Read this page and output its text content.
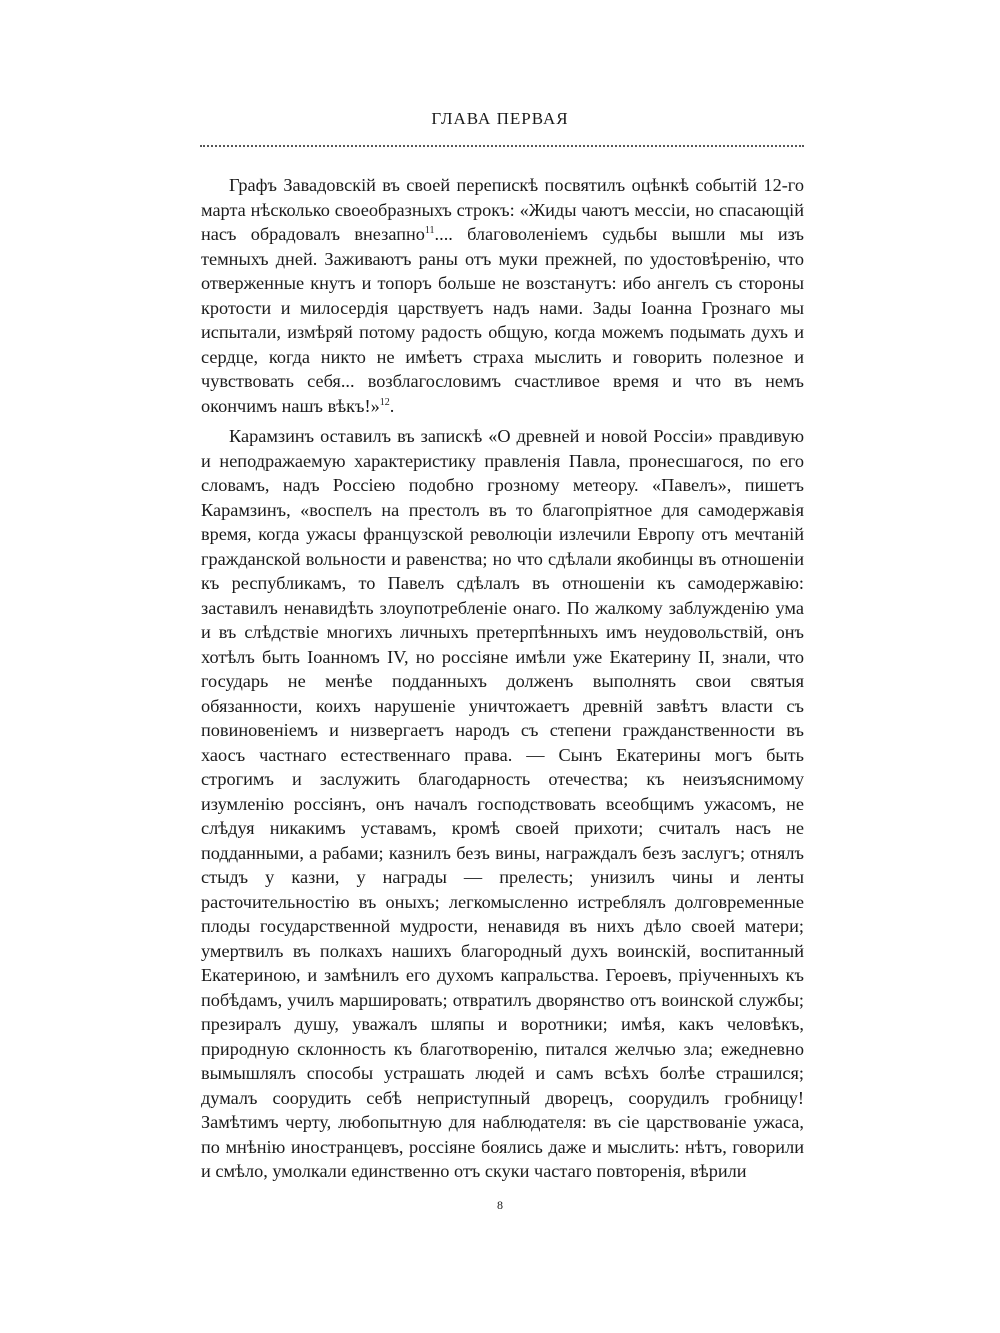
ГЛАВА ПЕРВАЯ

Графъ Завадовскій въ своей перепискѣ посвятилъ оцѣнкѣ событій 12-го марта нѣсколько своеобразныхъ строкъ: «Жиды чаютъ мессіи, но спасающій насъ обрадовалъ внезапно$^{11}$.... благоволеніемъ судьбы вышли мы изъ темныхъ дней. Заживаютъ раны отъ муки прежней, по удостовѣренію, что отверженные кнутъ и топоръ больше не возстанутъ: ибо ангелъ съ стороны кротости и милосердія царствуетъ надъ нами. Зады Іоанна Грознаго мы испытали, измѣряй потому радость общую, когда можемъ подымать духъ и сердце, когда никто не имѣетъ страха мыслить и говорить полезное и чувствовать себя... возблагословимъ счастливое время и что въ немъ окончимъ нашъ вѣкъ!»$^{12}$.

Карамзинъ оставилъ въ запискѣ «О древней и новой Россіи» правдивую и неподражаемую характеристику правленія Павла, пронесшагося, по его словамъ, надъ Россіею подобно грозному метеору. «Павелъ», пишетъ Карамзинъ, «воспелъ на престолъ въ то благопріятное для самодержавія время, когда ужасы французской революціи излечили Европу отъ мечтаній гражданской вольности и равенства; но что сдѣлали якобинцы въ отношеніи къ республикамъ, то Павелъ сдѣлалъ въ отношеніи къ самодержавію: заставилъ ненавидѣть злоупотребленіе онаго. По жалкому заблужденію ума и въ слѣдствіе многихъ личныхъ претерпѣнныхъ имъ неудовольствій, онъ хотѣлъ быть Іоанномъ IV, но россіяне имѣли уже Екатерину II, знали, что государь не менѣе подданныхъ долженъ выполнять свои святыя обязанности, коихъ нарушеніе уничтожаетъ древній завѣтъ власти съ повиновеніемъ и низвергаетъ народъ съ степени гражданственности въ хаосъ частнаго естественнаго права. — Сынъ Екатерины могъ быть строгимъ и заслужить благодарность отечества; къ неизъяснимому изумленію россіянъ, онъ началъ господствовать всеобщимъ ужасомъ, не слѣдуя никакимъ уставамъ, кромѣ своей прихоти; считалъ насъ не подданными, а рабами; казнилъ безъ вины, награждалъ безъ заслугъ; отнялъ стыдъ у казни, у награды — прелесть; унизилъ чины и ленты расточительностію въ оныхъ; легкомысленно истреблялъ долговременные плоды государственной мудрости, ненавидя въ нихъ дѣло своей матери; умертвилъ въ полкахъ нашихъ благородный духъ воинскій, воспитанный Екатериною, и замѣнилъ его духомъ капральства. Героевъ, пріученныхъ къ побѣдамъ, училъ маршировать; отвратилъ дворянство отъ воинской службы; презиралъ душу, уважалъ шляпы и воротники; имѣя, какъ человѣкъ, природную склонность къ благотворенію, питался желчью зла; ежедневно вымышлялъ способы устрашать людей и самъ всѣхъ болѣе страшился; думалъ соорудить себѣ неприступный дворецъ, соорудилъ гробницу! Замѣтимъ черту, любопытную для наблюдателя: въ сіе царствованіе ужаса, по мнѣнію иностранцевъ, россіяне боялись даже и мыслить: нѣтъ, говорили и смѣло, умолкали единственно отъ скуки частаго повторенія, вѣрили

8
